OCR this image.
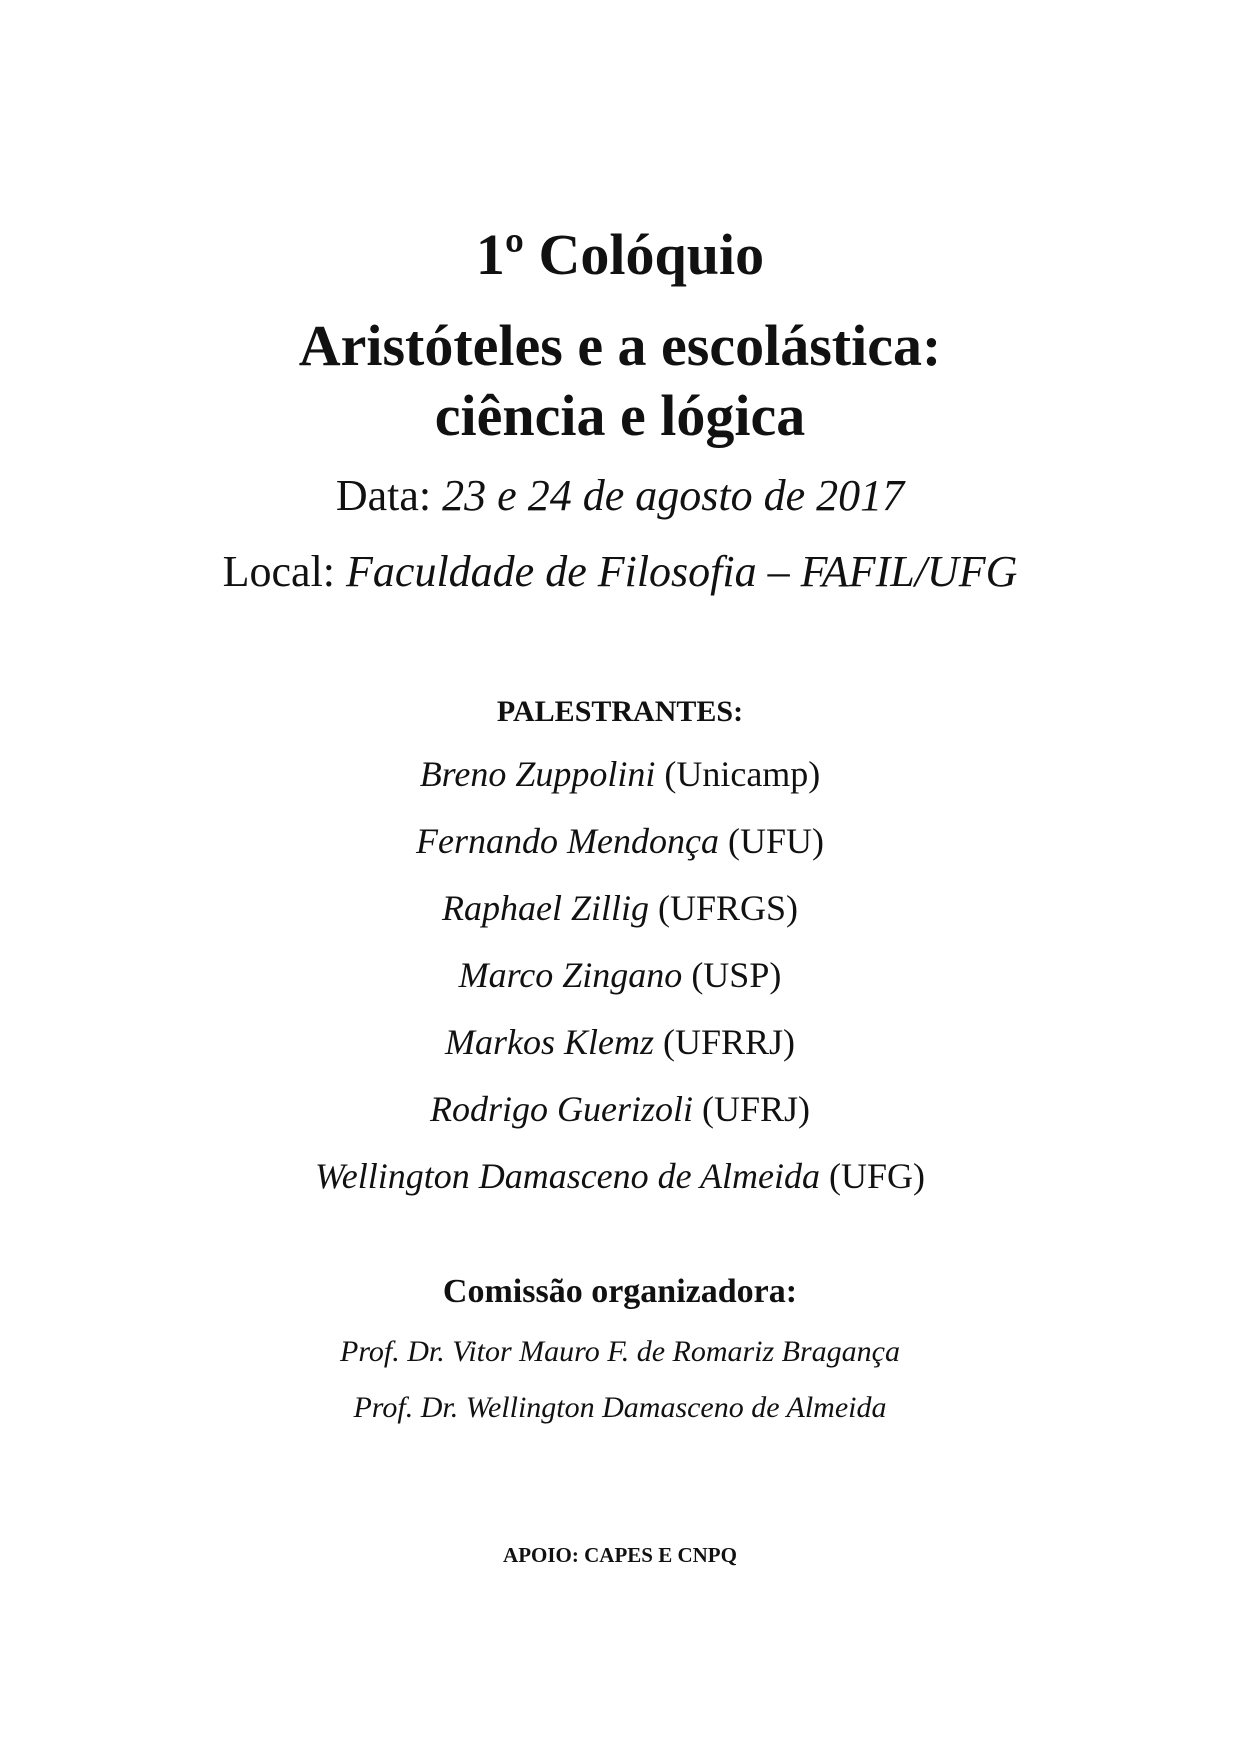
1º Colóquio
Aristóteles e a escolástica:
ciência e lógica
Data: 23 e 24 de agosto de 2017
Local: Faculdade de Filosofia – FAFIL/UFG
PALESTRANTES:
Breno Zuppolini (Unicamp)
Fernando Mendonça (UFU)
Raphael Zillig (UFRGS)
Marco Zingano (USP)
Markos Klemz (UFRRJ)
Rodrigo Guerizoli (UFRJ)
Wellington Damasceno de Almeida (UFG)
Comissão organizadora:
Prof. Dr. Vitor Mauro F. de Romariz Bragança
Prof. Dr. Wellington Damasceno de Almeida
APOIO: CAPES E CNPQ
